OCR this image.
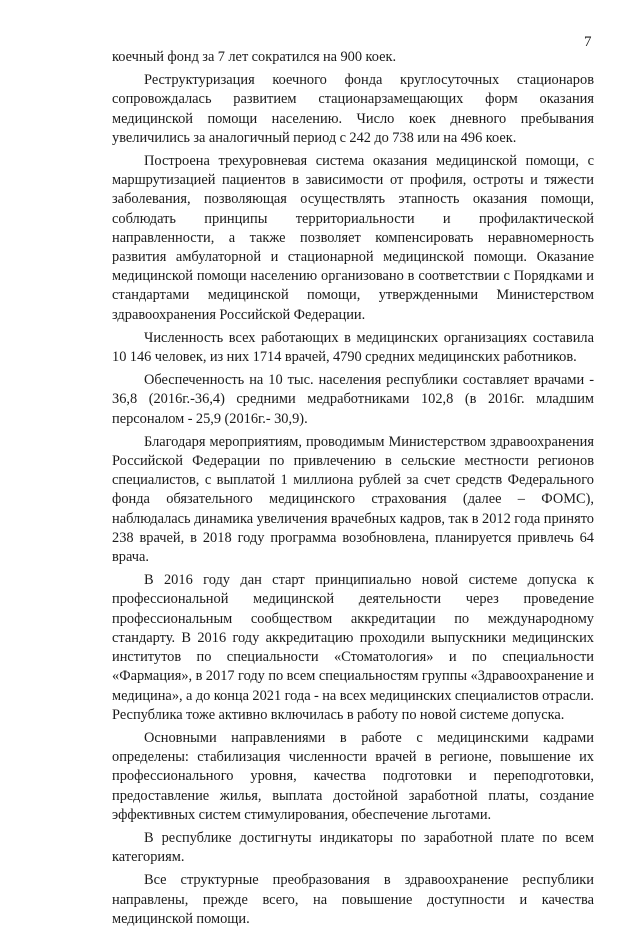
7

коечный фонд за 7 лет сократился на 900 коек.

Реструктуризация коечного фонда круглосуточных стационаров сопровождалась развитием стационарзамещающих форм оказания медицинской помощи населению. Число коек дневного пребывания увеличились за аналогичный период с 242 до 738 или на 496 коек.

Построена трехуровневая система оказания медицинской помощи, с маршрутизацией пациентов в зависимости от профиля, остроты и тяжести заболевания, позволяющая осуществлять этапность оказания помощи, соблюдать принципы территориальности и профилактической направленности, а также позволяет компенсировать неравномерность развития амбулаторной и стационарной медицинской помощи. Оказание медицинской помощи населению организовано в соответствии с Порядками и стандартами медицинской помощи, утвержденными Министерством здравоохранения Российской Федерации.

Численность всех работающих в медицинских организациях составила 10 146 человек, из них 1714 врачей, 4790 средних медицинских работников.

Обеспеченность на 10 тыс. населения республики составляет врачами - 36,8 (2016г.-36,4) средними медработниками 102,8 (в 2016г. младшим персоналом - 25,9 (2016г.- 30,9).

Благодаря мероприятиям, проводимым Министерством здравоохранения Российской Федерации по привлечению в сельские местности регионов специалистов, с выплатой 1 миллиона рублей за счет средств Федерального фонда обязательного медицинского страхования (далее – ФОМС), наблюдалась динамика увеличения врачебных кадров, так в 2012 года принято 238 врачей, в 2018 году программа возобновлена, планируется привлечь 64 врача.

В 2016 году дан старт принципиально новой системе допуска к профессиональной медицинской деятельности через проведение профессиональным сообществом аккредитации по международному стандарту. В 2016 году аккредитацию проходили выпускники медицинских институтов по специальности «Стоматология» и по специальности «Фармация», в 2017 году по всем специальностям группы «Здравоохранение и медицина», а до конца 2021 года - на всех медицинских специалистов отрасли. Республика тоже активно включилась в работу по новой системе допуска.

Основными направлениями в работе с медицинскими кадрами определены: стабилизация численности врачей в регионе, повышение их профессионального уровня, качества подготовки и переподготовки, предоставление жилья, выплата достойной заработной платы, создание эффективных систем стимулирования, обеспечение льготами.

В республике достигнуты индикаторы по заработной плате по всем категориям.

Все структурные преобразования в здравоохранение республики направлены, прежде всего, на повышение доступности и качества медицинской помощи.
